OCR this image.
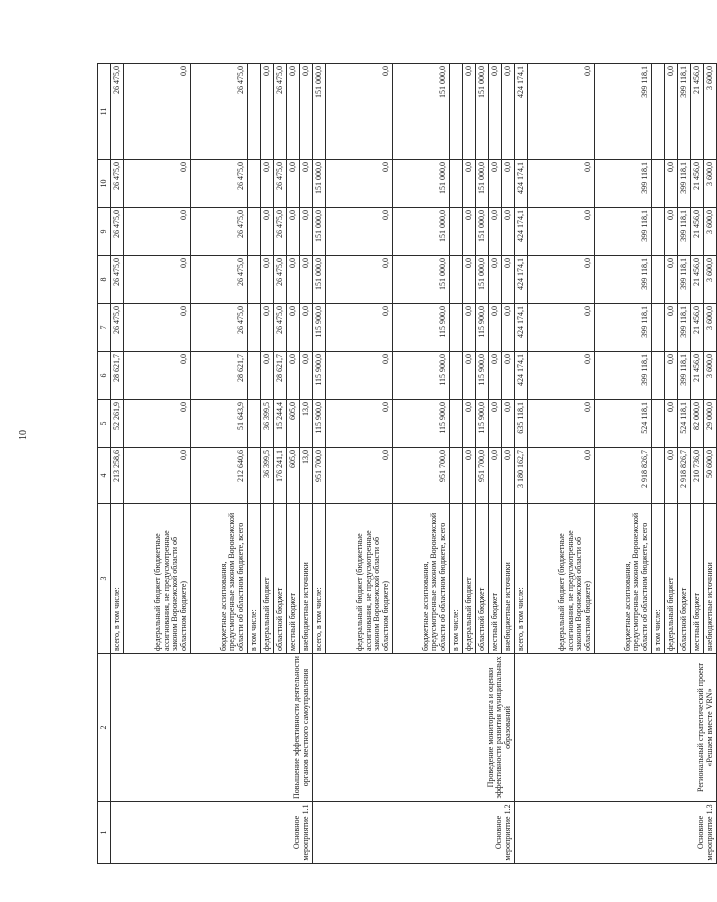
10
1	2	3	4	5	6	7	8	9	10	11
Основное мероприятие 1.1	Повышение эффективности деятельности органов местного самоуправления	всего, в том числе:	213 258,6	52 261,9	28 621,7	26 475,0	26 475,0	26 475,0	26 475,0	26 475,0
		федеральный бюджет (бюджетные ассигнования, не предусмотренные законом Воронежской области об областном бюджете)	0,0	0,0	0,0	0,0	0,0	0,0	0,0	0,0
		бюджетные ассигнования, предусмотренные законом Воронежской области об областном бюджете, всего	212 640,6	51 643,9	28 621,7	26 475,0	26 475,0	26 475,0	26 475,0	26 475,0
		в том числе:								
		федеральный бюджет	36 399,5	36 399,5	0,0	0,0	0,0	0,0	0,0	0,0
		областной бюджет	176 241,1	15 244,4	28 621,7	26 475,0	26 475,0	26 475,0	26 475,0	26 475,0
		местный бюджет	605,0	605,0	0,0	0,0	0,0	0,0	0,0	0,0
		внебюджетные источники	13,0	13,0	0,0	0,0	0,0	0,0	0,0	0,0
Основное мероприятие 1.2	Проведение мониторинга и оценки эффективности развития муниципальных образований	всего, в том числе:	951 700,0	115 900,0	115 900,0	115 900,0	151 000,0	151 000,0	151 000,0	151 000,0
		федеральный бюджет (бюджетные ассигнования, не предусмотренные законом Воронежской области об областном бюджете)	0,0	0,0	0,0	0,0	0,0	0,0	0,0	0,0
		бюджетные ассигнования, предусмотренные законом Воронежской области об областном бюджете, всего	951 700,0	115 900,0	115 900,0	115 900,0	151 000,0	151 000,0	151 000,0	151 000,0
		в том числе:								
		федеральный бюджет	0,0	0,0	0,0	0,0	0,0	0,0	0,0	0,0
		областной бюджет	951 700,0	115 900,0	115 900,0	115 900,0	151 000,0	151 000,0	151 000,0	151 000,0
		местный бюджет	0,0	0,0	0,0	0,0	0,0	0,0	0,0	0,0
		внебюджетные источники	0,0	0,0	0,0	0,0	0,0	0,0	0,0	0,0
Основное мероприятие 1.3	Региональный стратегический проект «Решаем вместе VRN»	всего, в том числе:	3 180 162,7	635 118,1	424 174,1	424 174,1	424 174,1	424 174,1	424 174,1	424 174,1
		федеральный бюджет (бюджетные ассигнования, не предусмотренные законом Воронежской области об областном бюджете)	0,0	0,0	0,0	0,0	0,0	0,0	0,0	0,0
		бюджетные ассигнования, предусмотренные законом Воронежской области об областном бюджете, всего	2 918 826,7	524 118,1	399 118,1	399 118,1	399 118,1	399 118,1	399 118,1	399 118,1
		в том числе:								
		федеральный бюджет	0,0	0,0	0,0	0,0	0,0	0,0	0,0	0,0
		областной бюджет	2 918 826,7	524 118,1	399 118,1	399 118,1	399 118,1	399 118,1	399 118,1	399 118,1
		местный бюджет	210 736,0	82 000,0	21 456,0	21 456,0	21 456,0	21 456,0	21 456,0	21 456,0
		внебюджетные источники	50 600,0	29 000,0	3 600,0	3 600,0	3 600,0	3 600,0	3 600,0	3 600,0
